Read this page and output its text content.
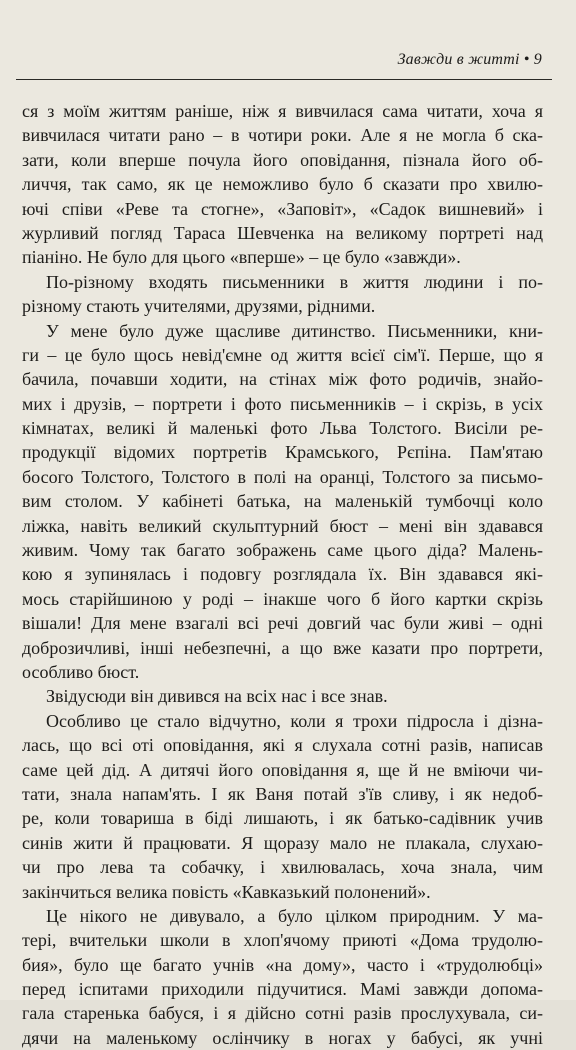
Завжди в житті • 9
ся з моїм життям раніше, ніж я вивчилася сама читати, хоча я
вивчилася читати рано – в чотири роки. Але я не могла б ска-
зати, коли вперше почула його оповідання, пізнала його об-
личчя, так само, як це неможливо було б сказати про хвилю-
ючі співи «Реве та стогне», «Заповіт», «Садок вишневий» і
журливий погляд Тараса Шевченка на великому портреті над
піаніно. Не було для цього «вперше» – це було «завжди».
По-різному входять письменники в життя людини і по-
різному стають учителями, друзями, рідними.
У мене було дуже щасливе дитинство. Письменники, кни-
ги – це було щось невід'ємне од життя всієї сім'ї. Перше, що я
бачила, почавши ходити, на стінах між фото родичів, знайо-
мих і друзів, – портрети і фото письменників – і скрізь, в усіх
кімнатах, великі й маленькі фото Льва Толстого. Висіли ре-
продукції відомих портретів Крамського, Рєпіна. Пам'ятаю
босого Толстого, Толстого в полі на оранці, Толстого за письмо-
вим столом. У кабінеті батька, на маленькій тумбочці коло
ліжка, навіть великий скульптурний бюст – мені він здавався
живим. Чому так багато зображень саме цього діда? Малень-
кою я зупинялась і подовгу розглядала їх. Він здавався які-
мось старійшиною у роді – інакше чого б його картки скрізь
вішали! Для мене взагалі всі речі довгий час були живі – одні
доброзичливі, інші небезпечні, а що вже казати про портрети,
особливо бюст.
Звідусюди він дивився на всіх нас і все знав.
Особливо це стало відчутно, коли я трохи підросла і дізна-
лась, що всі оті оповідання, які я слухала сотні разів, написав
саме цей дід. А дитячі його оповідання я, ще й не вміючи чи-
тати, знала напам'ять. І як Ваня потай з'їв сливу, і як недоб-
ре, коли товариша в біді лишають, і як батько-садівник учив
синів жити й працювати. Я щоразу мало не плакала, слухаю-
чи про лева та собачку, і хвилювалась, хоча знала, чим
закінчиться велика повість «Кавказький полонений».
Це нікого не дивувало, а було цілком природним. У ма-
тері, вчительки школи в хлоп'ячому приюті «Дома трудолю-
бия», було ще багато учнів «на дому», часто і «трудолюбці»
перед іспитами приходили підучитися. Мамі завжди допома-
гала старенька бабуся, і я дійсно сотні разів прослухувала, си-
дячи на маленькому ослінчику в ногах у бабусі, як учні
